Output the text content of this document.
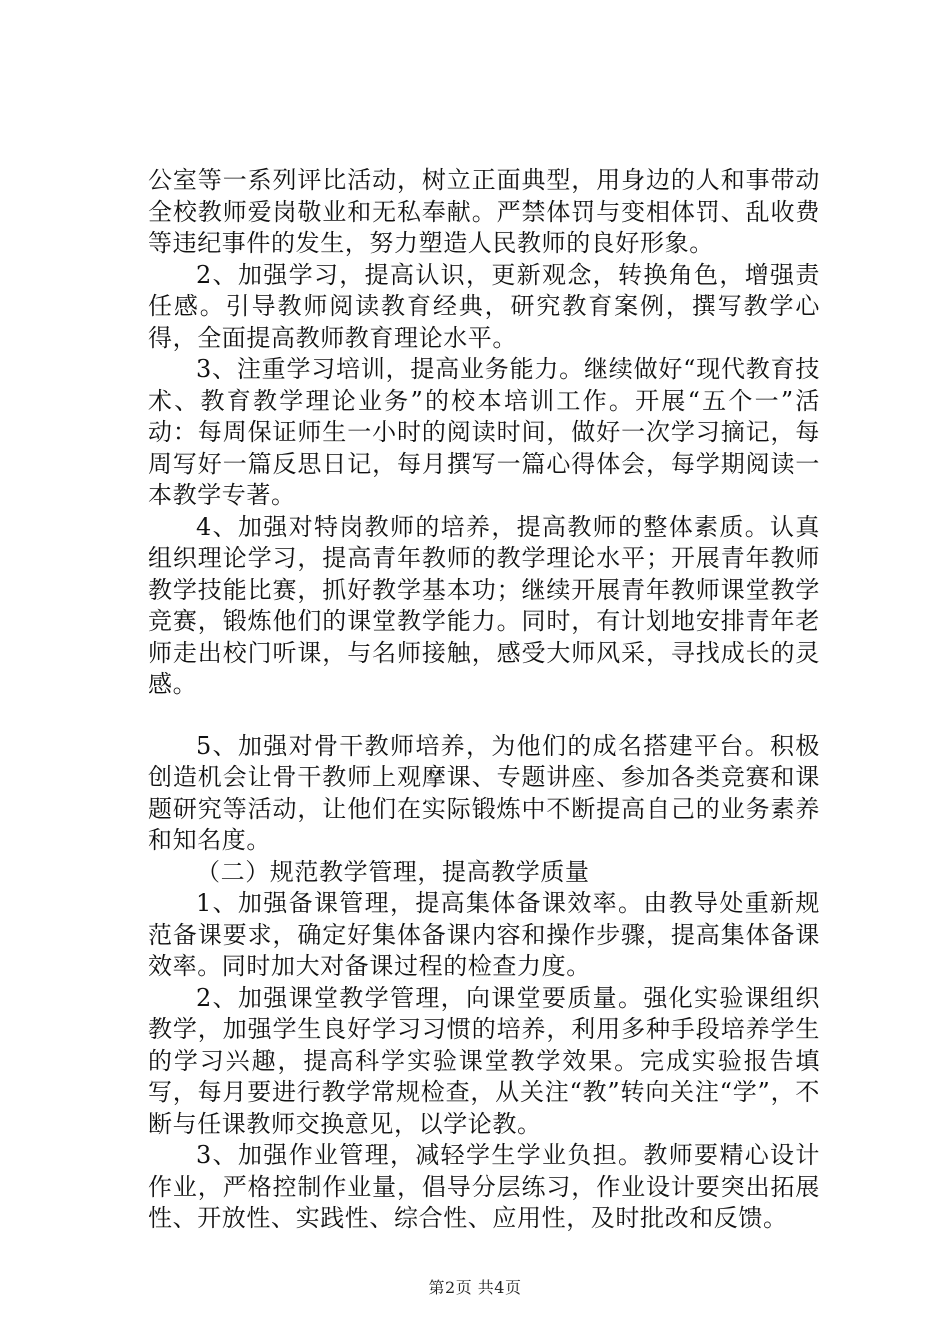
公室等一系列评比活动，树立正面典型，用身边的人和事带动全校教师爱岗敬业和无私奉献。严禁体罚与变相体罚、乱收费等违纪事件的发生，努力塑造人民教师的良好形象。

2、加强学习，提高认识，更新观念，转换角色，增强责任感。引导教师阅读教育经典，研究教育案例，撰写教学心得，全面提高教师教育理论水平。

3、注重学习培训，提高业务能力。继续做好“现代教育技术、教育教学理论业务”的校本培训工作。开展“五个一”活动：每周保证师生一小时的阅读时间，做好一次学习摘记，每周写好一篇反思日记，每月撰写一篇心得体会，每学期阅读一本教学专著。

4、加强对特岗教师的培养，提高教师的整体素质。认真组织理论学习，提高青年教师的教学理论水平；开展青年教师教学技能比赛，抓好教学基本功；继续开展青年教师课堂教学竞赛，锻炼他们的课堂教学能力。同时，有计划地安排青年老师走出校门听课，与名师接触，感受大师风采，寻找成长的灵感。

5、加强对骨干教师培养，为他们的成名搭建平台。积极创造机会让骨干教师上观摩课、专题讲座、参加各类竞赛和课题研究等活动，让他们在实际锻炼中不断提高自己的业务素养和知名度。

（二）规范教学管理，提高教学质量

1、加强备课管理，提高集体备课效率。由教导处重新规范备课要求，确定好集体备课内容和操作步骤，提高集体备课效率。同时加大对备课过程的检查力度。

2、加强课堂教学管理，向课堂要质量。强化实验课组织教学，加强学生良好学习习惯的培养，利用多种手段培养学生的学习兴趣，提高科学实验课堂教学效果。完成实验报告填写，每月要进行教学常规检查，从关注“教”转向关注“学”，不断与任课教师交换意见，以学论教。

3、加强作业管理，减轻学生学业负担。教师要精心设计作业，严格控制作业量，倡导分层练习，作业设计要突出拓展性、开放性、实践性、综合性、应用性，及时批改和反馈。

第2页 共4页
